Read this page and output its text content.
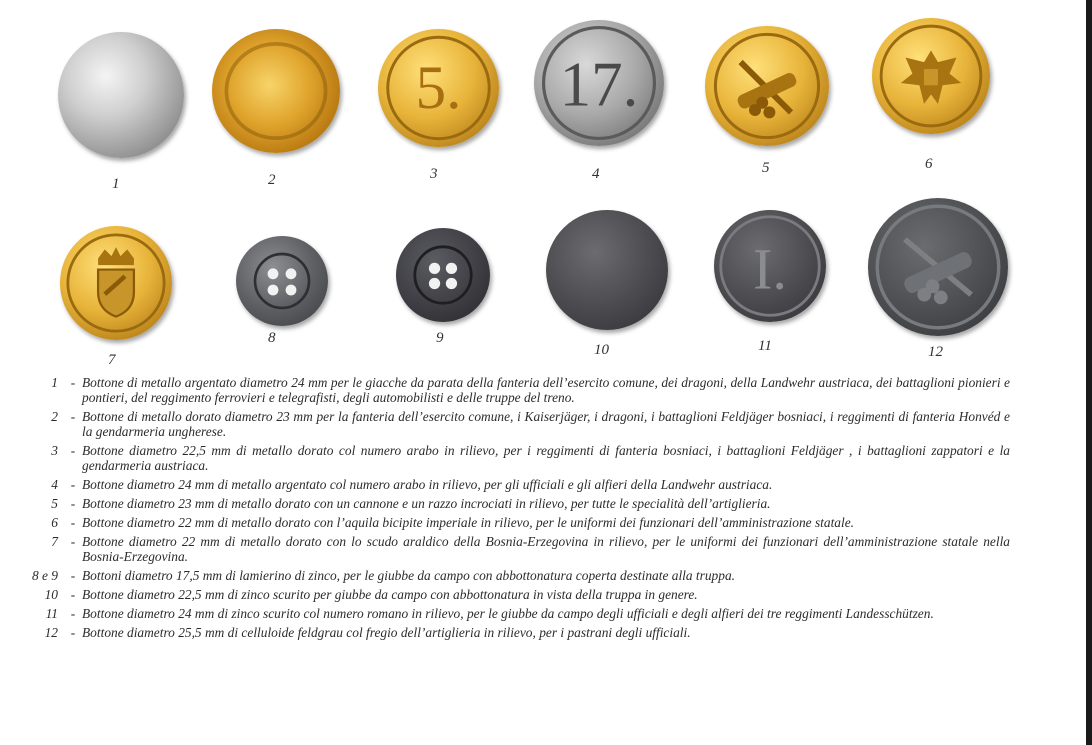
5. 17.
1	2	3	4	5	6
I.
7
8	9
10	11	12
1 - Bottone di metallo argentato diametro 24 mm per le giacche da parata della fanteria dell’esercito comune, dei dragoni, della Landwehr austriaca, dei battaglioni pionieri e pontieri, del reggimento ferrovieri e telegrafisti, degli automobilisti e delle truppe del treno.
2 - Bottone di metallo dorato diametro 23 mm per la fanteria dell’esercito comune, i Kaiserjäger, i dragoni, i battaglioni Feldjäger bosniaci, i reggimenti di fanteria Honvéd e la gendarmeria ungherese.
3 - Bottone diametro 22,5 mm di metallo dorato col numero arabo in rilievo, per i reggimenti di fanteria bosniaci, i battaglioni Feldjäger , i battaglioni zappatori e la gendarmeria austriaca.
4 - Bottone diametro 24 mm di metallo argentato col numero arabo in rilievo, per gli ufficiali e gli alfieri della Landwehr austriaca.
5 - Bottone diametro 23 mm di metallo dorato con un cannone e un razzo incrociati in rilievo, per tutte le specialità dell’artiglieria.
6 - Bottone diametro 22 mm di metallo dorato con l’aquila bicipite imperiale in rilievo, per le uniformi dei funzionari dell’amministrazione statale.
7 - Bottone diametro 22 mm di metallo dorato con lo scudo araldico della Bosnia-Erzegovina in rilievo, per le uniformi dei funzionari dell’amministrazione statale nella Bosnia-Erzegovina.
8 e 9 - Bottoni diametro 17,5 mm di lamierino di zinco, per le giubbe da campo con abbottonatura coperta destinate alla truppa.
10 - Bottone diametro 22,5 mm di zinco scurito per giubbe da campo con abbottonatura in vista della truppa in genere.
11 - Bottone diametro 24 mm di zinco scurito col numero romano in rilievo, per le giubbe da campo degli ufficiali e degli alfieri dei tre reggimenti Landesschützen.
12 - Bottone diametro 25,5 mm di celluloide feldgrau col fregio dell’artiglieria in rilievo, per i pastrani degli ufficiali.
